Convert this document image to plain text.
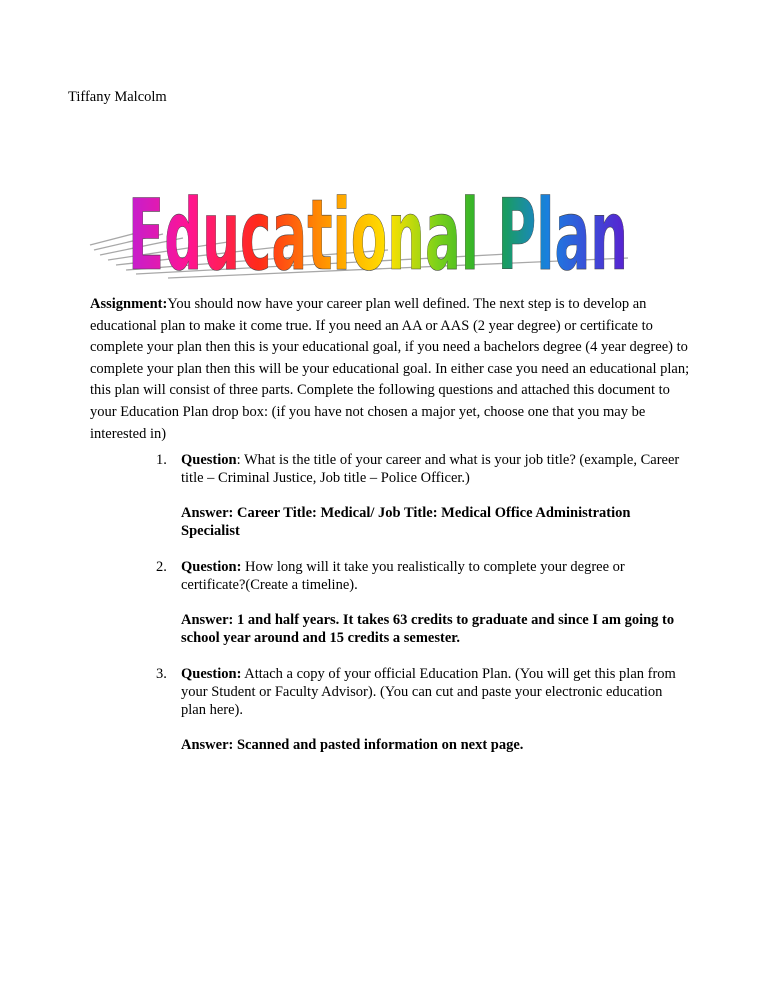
Tiffany Malcolm
Educational Plan
Assignment:You should now have your career plan well defined. The next step is to develop an educational plan to make it come true. If you need an AA or AAS (2 year degree) or certificate to complete your plan then this is your educational goal, if you need a bachelors degree (4 year degree) to complete your plan then this will be your educational goal. In either case you need an educational plan; this plan will consist of three parts. Complete the following questions and attached this document to your Education Plan drop box: (if you have not chosen a major yet, choose one that you may be interested in)
1. Question: What is the title of your career and what is your job title? (example, Career title – Criminal Justice, Job title – Police Officer.)

Answer: Career Title: Medical/ Job Title: Medical Office Administration Specialist

2. Question: How long will it take you realistically to complete your degree or certificate?(Create a timeline).

Answer: 1 and half years. It takes 63 credits to graduate and since I am going to school year around and 15 credits a semester.

3. Question: Attach a copy of your official Education Plan. (You will get this plan from your Student or Faculty Advisor). (You can cut and paste your electronic education plan here).

Answer: Scanned and pasted information on next page.
